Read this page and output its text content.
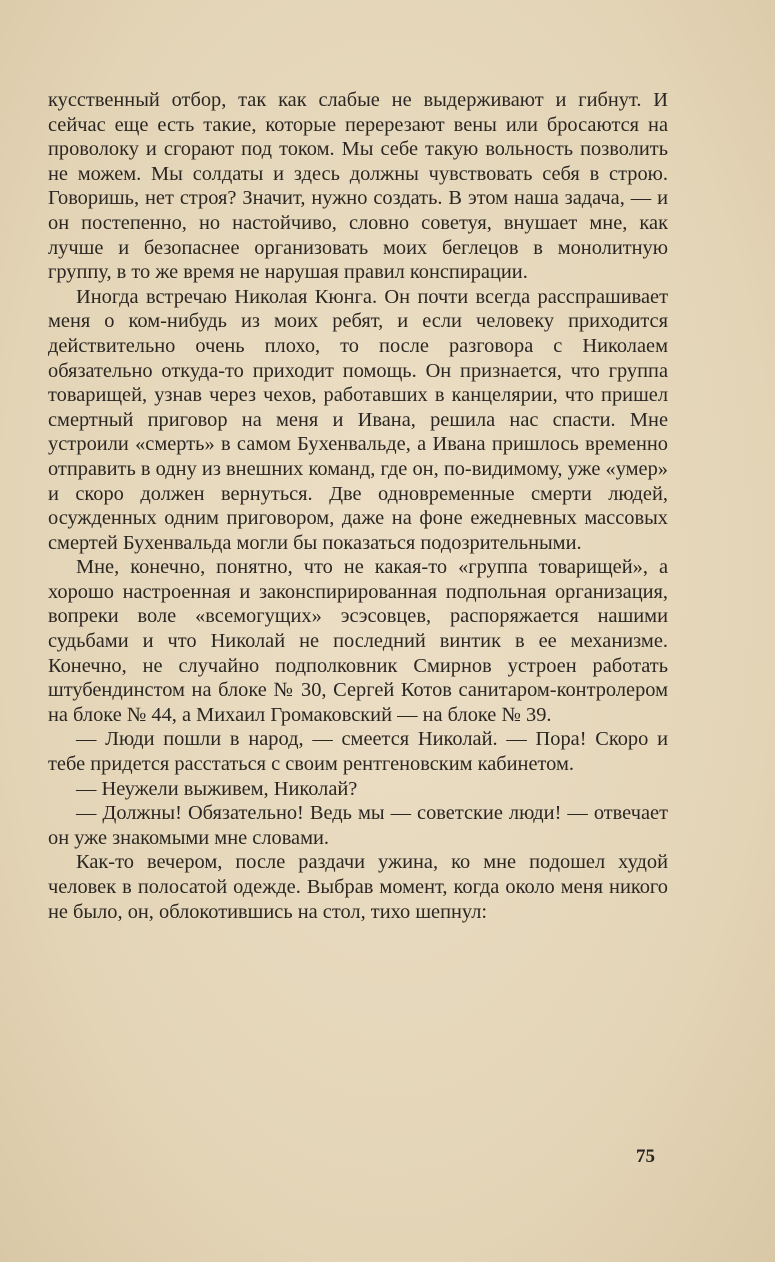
кусственный отбор, так как слабые не выдерживают и гибнут. И сейчас еще есть такие, которые перерезают вены или бросаются на проволоку и сгорают под током. Мы себе такую вольность позволить не можем. Мы солдаты и здесь должны чувствовать себя в строю. Говоришь, нет строя? Значит, нужно создать. В этом наша задача, — и он постепенно, но настойчиво, словно советуя, внушает мне, как лучше и безопаснее организовать моих беглецов в монолитную группу, в то же время не нарушая правил конспирации.

Иногда встречаю Николая Кюнга. Он почти всегда расспрашивает меня о ком-нибудь из моих ребят, и если человеку приходится действительно очень плохо, то после разговора с Николаем обязательно откуда-то приходит помощь. Он признается, что группа товарищей, узнав через чехов, работавших в канцелярии, что пришел смертный приговор на меня и Ивана, решила нас спасти. Мне устроили «смерть» в самом Бухенвальде, а Ивана пришлось временно отправить в одну из внешних команд, где он, по-видимому, уже «умер» и скоро должен вернуться. Две одновременные смерти людей, осужденных одним приговором, даже на фоне ежедневных массовых смертей Бухенвальда могли бы показаться подозрительными.

Мне, конечно, понятно, что не какая-то «группа товарищей», а хорошо настроенная и законспирированная подпольная организация, вопреки воле «всемогущих» эсэсовцев, распоряжается нашими судьбами и что Николай не последний винтик в ее механизме. Конечно, не случайно подполковник Смирнов устроен работать штубендинстом на блоке № 30, Сергей Котов санитаром-контролером на блоке № 44, а Михаил Громаковский — на блоке № 39.

— Люди пошли в народ, — смеется Николай. — Пора! Скоро и тебе придется расстаться с своим рентгеновским кабинетом.

— Неужели выживем, Николай?

— Должны! Обязательно! Ведь мы — советские люди! — отвечает он уже знакомыми мне словами.

Как-то вечером, после раздачи ужина, ко мне подошел худой человек в полосатой одежде. Выбрав момент, когда около меня никого не было, он, облокотившись на стол, тихо шепнул:

75
